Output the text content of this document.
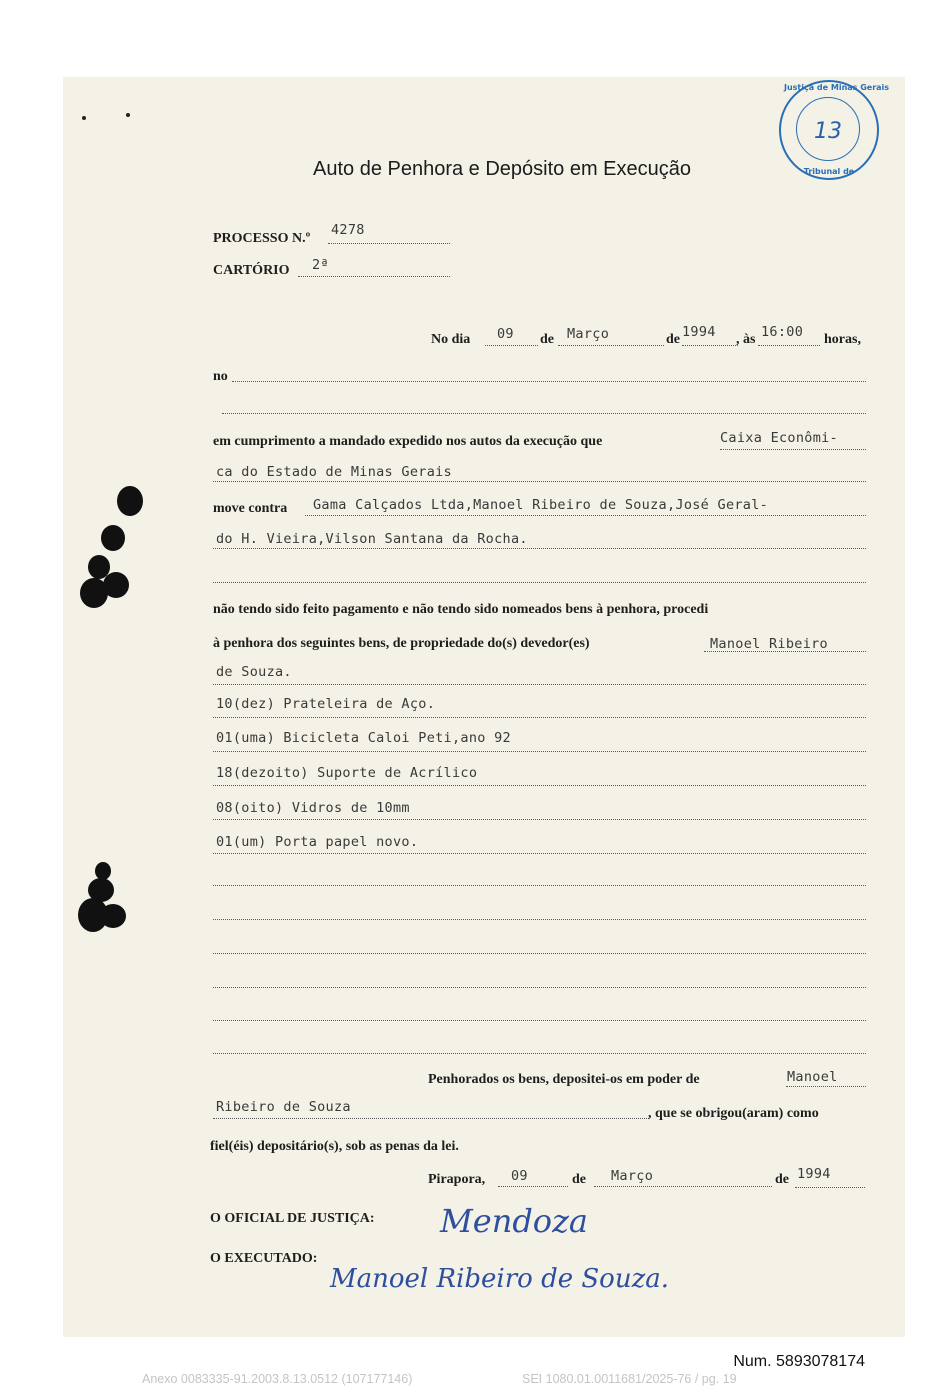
Justiça de Minas Gerais
13
Tribunal de
Auto de Penhora e Depósito em Execução
PROCESSO N.º
4278
CARTÓRIO 2ª
No dia 09 de Março	de 1994 , às 16:00 horas,
no
em cumprimento a mandado expedido nos autos da execução que	Caixa Econômi-
ca do Estado de Minas Gerais
move contra Gama Calçados Ltda,Manoel Ribeiro de Souza,José Geral-
do H. Vieira,Vilson Santana da Rocha.
não tendo sido feito pagamento e não tendo sido nomeados bens à penhora, procedi
à penhora dos seguintes bens, de propriedade do(s) devedor(es)	Manoel Ribeiro
de Souza.
10(dez) Prateleira de Aço.
01(uma) Bicicleta Caloi Peti,ano 92
18(dezoito) Suporte de Acrílico
08(oito) Vidros de 10mm
01(um) Porta papel novo.
Penhorados os bens, depositei-os em poder de	Manoel
Ribeiro de Souza	, que se obrigou(aram) como
fiel(éis) depositário(s), sob as penas da lei.
Pirapora, 09	de Março	de 1994
O OFICIAL DE JUSTIÇA: Mendoza
O EXECUTADO:
Manoel Ribeiro de Souza.
Num. 5893078174
Anexo 0083335-91.2003.8.13.0512 (107177146)	SEI 1080.01.0011681/2025-76 / pg. 19
